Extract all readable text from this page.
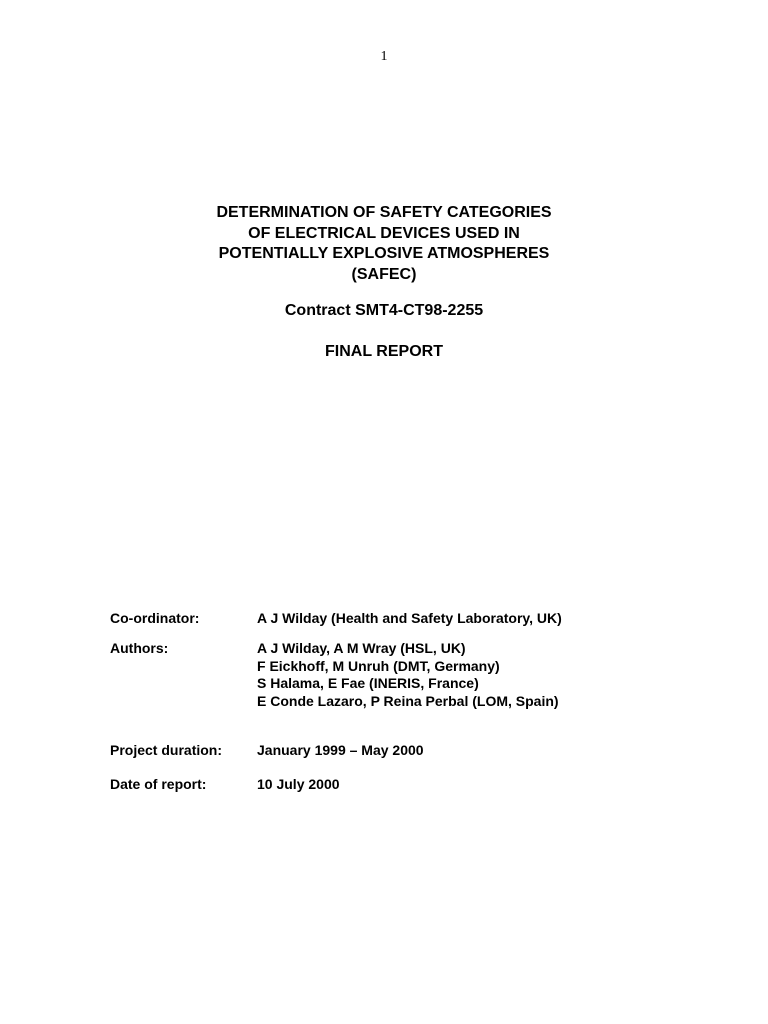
1
DETERMINATION OF SAFETY CATEGORIES
OF ELECTRICAL DEVICES USED IN
POTENTIALLY EXPLOSIVE ATMOSPHERES
(SAFEC)
Contract SMT4-CT98-2255
FINAL REPORT
Co-ordinator:	A J Wilday (Health and Safety Laboratory, UK)
Authors:	A J Wilday, A M Wray (HSL, UK)
F Eickhoff, M Unruh (DMT, Germany)
S Halama, E Fae (INERIS, France)
E Conde Lazaro, P Reina Perbal (LOM, Spain)
Project duration:	January 1999 – May 2000
Date of report:	10 July 2000
